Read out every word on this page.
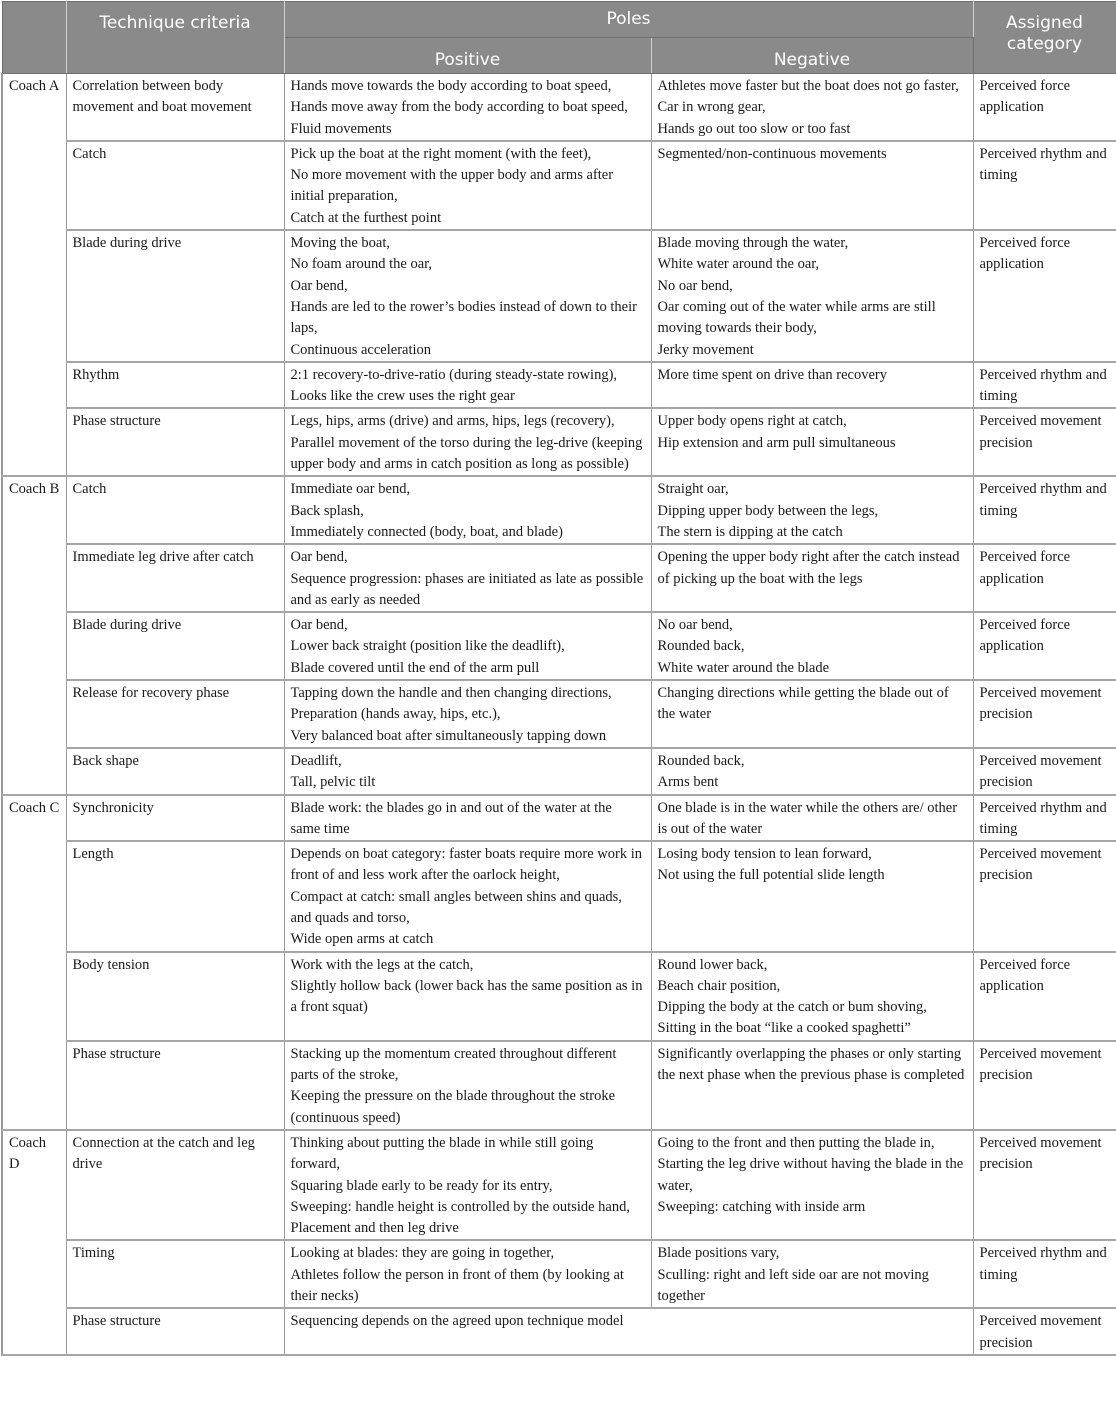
	Technique criteria	Poles		Assigned category
		Positive	Negative	
Coach A	Correlation between body movement and boat movement	Hands move towards the body according to boat speed,
Hands move away from the body according to boat speed,
Fluid movements	Athletes move faster but the boat does not go faster,
Car in wrong gear,
Hands go out too slow or too fast	Perceived force application
	Catch	Pick up the boat at the right moment (with the feet),
No more movement with the upper body and arms after initial preparation,
Catch at the furthest point	Segmented/non-continuous movements	Perceived rhythm and timing
	Blade during drive	Moving the boat,
No foam around the oar,
Oar bend,
Hands are led to the rower’s bodies instead of down to their laps,
Continuous acceleration	Blade moving through the water,
White water around the oar,
No oar bend,
Oar coming out of the water while arms are still moving towards their body,
Jerky movement	Perceived force application
	Rhythm	2:1 recovery-to-drive-ratio (during steady-state rowing),
Looks like the crew uses the right gear	More time spent on drive than recovery	Perceived rhythm and timing
	Phase structure	Legs, hips, arms (drive) and arms, hips, legs (recovery),
Parallel movement of the torso during the leg-drive (keeping upper body and arms in catch position as long as possible)	Upper body opens right at catch,
Hip extension and arm pull simultaneous	Perceived movement precision
Coach B	Catch	Immediate oar bend,
Back splash,
Immediately connected (body, boat, and blade)	Straight oar,
Dipping upper body between the legs,
The stern is dipping at the catch	Perceived rhythm and timing
	Immediate leg drive after catch	Oar bend,
Sequence progression: phases are initiated as late as possible and as early as needed	Opening the upper body right after the catch instead of picking up the boat with the legs	Perceived force application
	Blade during drive	Oar bend,
Lower back straight (position like the deadlift),
Blade covered until the end of the arm pull	No oar bend,
Rounded back,
White water around the blade	Perceived force application
	Release for recovery phase	Tapping down the handle and then changing directions,
Preparation (hands away, hips, etc.),
Very balanced boat after simultaneously tapping down	Changing directions while getting the blade out of the water	Perceived movement precision
	Back shape	Deadlift,
Tall, pelvic tilt	Rounded back,
Arms bent	Perceived movement precision
Coach C	Synchronicity	Blade work: the blades go in and out of the water at the same time	One blade is in the water while the others are/ other is out of the water	Perceived rhythm and timing
	Length	Depends on boat category: faster boats require more work in front of and less work after the oarlock height,
Compact at catch: small angles between shins and quads, and quads and torso,
Wide open arms at catch	Losing body tension to lean forward,
Not using the full potential slide length	Perceived movement precision
	Body tension	Work with the legs at the catch,
Slightly hollow back (lower back has the same position as in a front squat)	Round lower back,
Beach chair position,
Dipping the body at the catch or bum shoving,
Sitting in the boat “like a cooked spaghetti”	Perceived force application
	Phase structure	Stacking up the momentum created throughout different parts of the stroke,
Keeping the pressure on the blade throughout the stroke (continuous speed)	Significantly overlapping the phases or only starting the next phase when the previous phase is completed	Perceived movement precision
Coach D	Connection at the catch and leg drive	Thinking about putting the blade in while still going forward,
Squaring blade early to be ready for its entry,
Sweeping: handle height is controlled by the outside hand,
Placement and then leg drive	Going to the front and then putting the blade in,
Starting the leg drive without having the blade in the water,
Sweeping: catching with inside arm	Perceived movement precision
	Timing	Looking at blades: they are going in together,
Athletes follow the person in front of them (by looking at their necks)	Blade positions vary,
Sculling: right and left side oar are not moving together	Perceived rhythm and timing
	Phase structure	Sequencing depends on the agreed upon technique model		Perceived movement precision
